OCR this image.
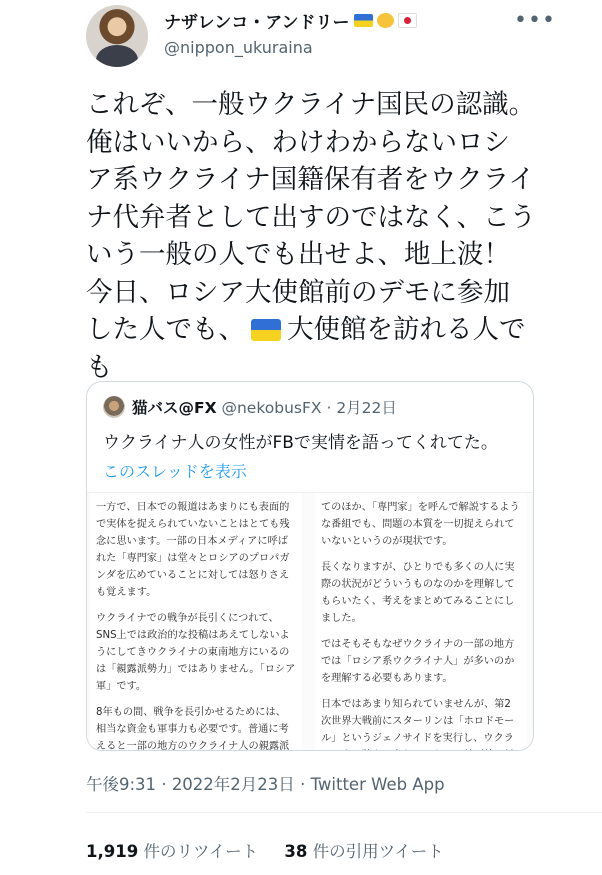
ナザレンコ・アンドリー
@nippon_ukuraina
•••
これぞ、一般ウクライナ国民の認識。俺はいいから、わけわからないロシア系ウクライナ国籍保有者をウクライナ代弁者として出すのではなく、こういう一般の人でも出せよ、地上波！今日、ロシア大使館前のデモに参加した人でも、 大使館を訪れる人でも
猫バス@FX @nekobusFX · 2月22日
ウクライナ人の女性がFBで実情を語ってくれてた。
このスレッドを表示

一方で、日本での報道はあまりにも表面的で実体を捉えられていないことはとても残念に思います。一部の日本メディアに呼ばれた「専門家」は堂々とロシアのプロパガンダを広めていることに対しては怒りさえも覚えます。

ウクライナでの戦争が長引くにつれて、SNS上では政治的な投稿はあえてしないようにしてきウクライナの東南地方にいるのは「親露派勢力」ではありません。「ロシア軍」です。

8年もの間、戦争を長引かせるためには、相当な資金も軍事力も必要です。普通に考えると一部の地方のウクライナ人の親露派

てのほか、「専門家」を呼んで解説するような番組でも、問題の本質を一切捉えられていないというのが現状です。

長くなりますが、ひとりでも多くの人に実際の状況がどういうものなのかを理解してもらいたく、考えをまとめてみることにしました。

ではそもそもなぜウクライナの一部の地方では「ロシア系ウクライナ人」が多いのかを理解する必要もあります。

日本ではあまり知られていませんが、第2次世界大戦前にスターリンは「ホロドモール」というジェノサイドを実行し、ウクラ

午後9:31 · 2022年2月23日 · Twitter Web App
1,919 件のリツイート 38 件の引用ツイート
